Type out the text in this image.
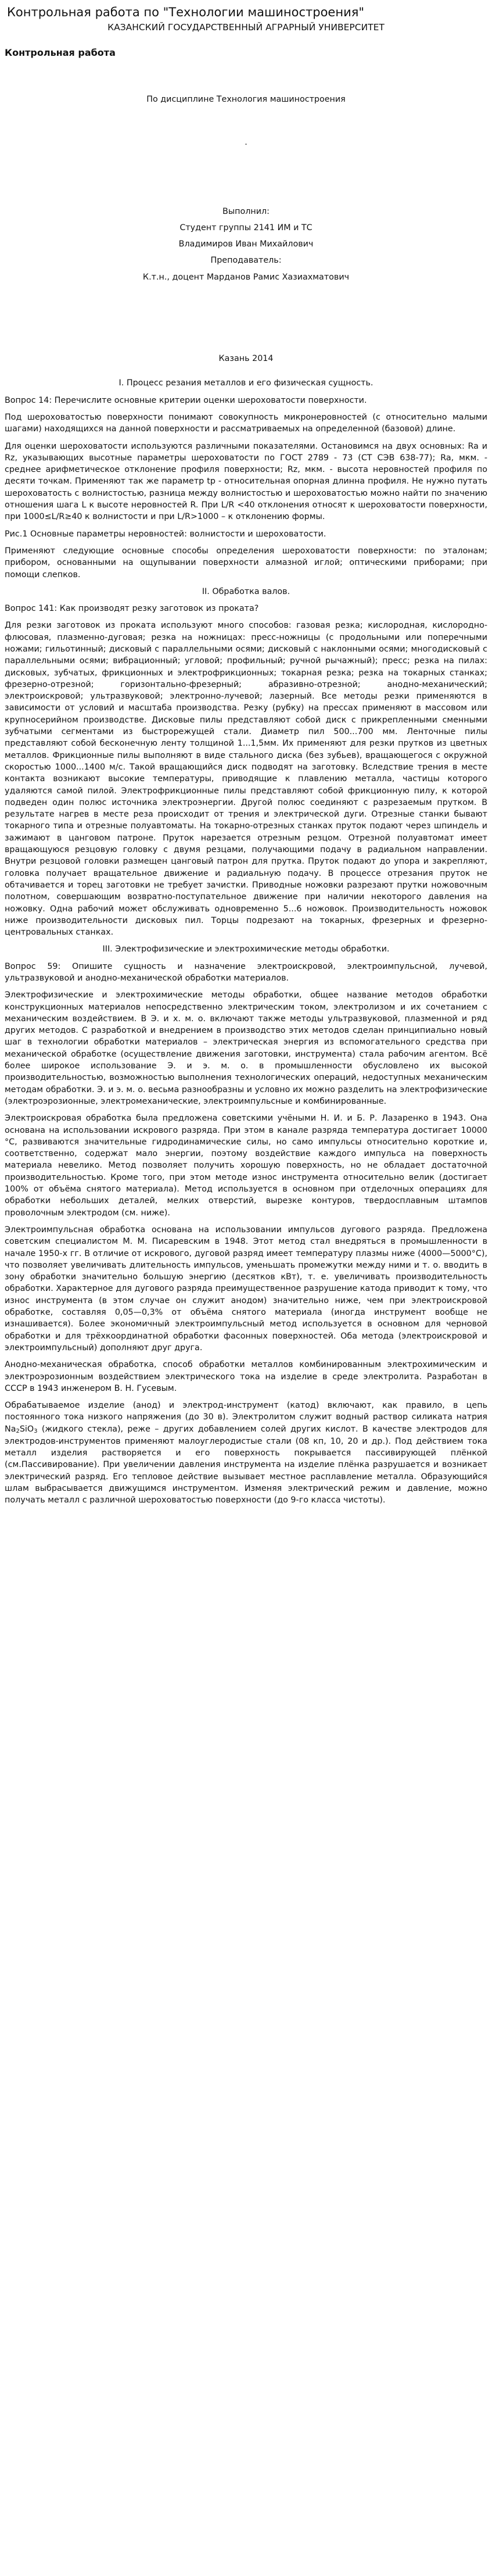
Контрольная работа по "Технологии машиностроения"

КАЗАНСКИЙ ГОСУДАРСТВЕННЫЙ АГРАРНЫЙ УНИВЕРСИТЕТ

Контрольная работа

По дисциплине Технология машиностроения

.

Выполнил:

Студент группы 2141 ИМ и ТС

Владимиров Иван Михайлович

Преподаватель:

К.т.н., доцент Марданов Рамис Хазиахматович

Казань 2014

I. Процесс резания металлов и его физическая сущность.

Вопрос 14: Перечислите основные критерии оценки шероховатости поверхности.

Под шероховатостью поверхности понимают совокупность микронеровностей (с относительно малыми шагами) находящихся на данной поверхности и рассматриваемых на определенной (базовой) длине.

Для оценки шероховатости используются различными показателями. Остановимся на двух основных: Ra и Rz, указывающих высотные параметры шероховатости по ГОСТ 2789 - 73 (СТ СЭВ 638-77); Ra, мкм. - среднее арифметическое отклонение профиля поверхности; Rz, мкм. - высота неровностей профиля по десяти точкам. Применяют так же параметр tp - относительная опорная длинна профиля. Не нужно путать шероховатость с волнистостью, разница между волнистостью и шероховатостью можно найти по значению отношения шага L к высоте неровностей R. При L/R <40 отклонения относят к шероховатости поверхности, при 1000≤L/R≥40 к волнистости и при L/R>1000 – к отклонению формы.

Рис.1 Основные параметры неровностей: волнистости и шероховатости.

Применяют следующие основные способы определения шероховатости поверхности: по эталонам; прибором, основанными на ощупывании поверхности алмазной иглой; оптическими приборами; при помощи слепков.

II. Обработка валов.

Вопрос 141: Как производят резку заготовок из проката?

Для резки заготовок из проката используют много способов: газовая резка; кислородная, кислородно-флюсовая, плазменно-дуговая; резка на ножницах: пресс-ножницы (с продольными или поперечными ножами; гильотинный; дисковый с параллельными осями; дисковый с наклонными осями; многодисковый с параллельными осями; вибрационный; угловой; профильный; ручной рычажный); пресс; резка на пилах: дисковых, зубчатых, фрикционных и электрофрикционных; токарная резка; резка на токарных станках; фрезерно-отрезной; горизонтально-фрезерный; абразивно-отрезной; анодно-механический; электроискровой; ультразвуковой; электронно-лучевой; лазерный. Все методы резки применяются в зависимости от условий и масштаба производства. Резку (рубку) на прессах применяют в массовом или крупносерийном производстве. Дисковые пилы представляют собой диск с прикрепленными сменными зубчатыми сегментами из быстрорежущей стали. Диаметр пил 500...700 мм. Ленточные пилы представляют собой бесконечную ленту толщиной 1...1,5мм. Их применяют для резки прутков из цветных металлов. Фрикционные пилы выполняют в виде стального диска (без зубьев), вращающегося с окружной скоростью 1000...1400 м/с. Такой вращающийся диск подводят на заготовку. Вследствие трения в месте контакта возникают высокие температуры, приводящие к плавлению металла, частицы которого удаляются самой пилой. Электрофрикционные пилы представляют собой фрикционную пилу, к которой подведен один полюс источника электроэнергии. Другой полюс соединяют с разрезаемым прутком. В результате нагрев в месте реза происходит от трения и электрической дуги. Отрезные станки бывают токарного типа и отрезные полуавтоматы. На токарно-отрезных станках пруток подают через шпиндель и зажимают в цанговом патроне. Пруток нарезается отрезным резцом. Отрезной полуавтомат имеет вращающуюся резцовую головку с двумя резцами, получающими подачу в радиальном направлении. Внутри резцовой головки размещен цанговый патрон для прутка. Пруток подают до упора и закрепляют, головка получает вращательное движение и радиальную подачу. В процессе отрезания пруток не обтачивается и торец заготовки не требует зачистки. Приводные ножовки разрезают прутки ножовочным полотном, совершающим возвратно-поступательное движение при наличии некоторого давления на ножовку. Одна рабочий может обслуживать одновременно 5...6 ножовок. Производительность ножовок ниже производительности дисковых пил. Торцы подрезают на токарных, фрезерных и фрезерно-центровальных станках.

III. Электрофизические и электрохимические методы обработки.

Вопрос 59: Опишите сущность и назначение электроискровой, электроимпульсной, лучевой, ультразвуковой и анодно-механической обработки материалов.

Электрофизические и электрохимические методы обработки, общее название методов обработки конструкционных материалов непосредственно электрическим током, электролизом и их сочетанием с механическим воздействием. В Э. и х. м. о. включают также методы ультразвуковой, плазменной и ряд других методов. С разработкой и внедрением в производство этих методов сделан принципиально новый шаг в технологии обработки материалов – электрическая энергия из вспомогательного средства при механической обработке (осуществление движения заготовки, инструмента) стала рабочим агентом. Всё более широкое использование Э. и э. м. о. в промышленности обусловлено их высокой производительностью, возможностью выполнения технологических операций, недоступных механическим методам обработки. Э. и э. м. о. весьма разнообразны и условно их можно разделить на электрофизические (электроэрозионные, электромеханические, электроимпульсные и комбинированные.

Электроискровая обработка была предложена советскими учёными Н. И. и Б. Р. Лазаренко в 1943. Она основана на использовании искрового разряда. При этом в канале разряда температура достигает 10000 °C, развиваются значительные гидродинамические силы, но само импульсы относительно короткие и, соответственно, содержат мало энергии, поэтому воздействие каждого импульса на поверхность материала невелико. Метод позволяет получить хорошую поверхность, но не обладает достаточной производительностью. Кроме того, при этом методе износ инструмента относительно велик (достигает 100% от объёма снятого материала). Метод используется в основном при отделочных операциях для обработки небольших деталей, мелких отверстий, вырезке контуров, твердосплавным штампов проволочным электродом (см. ниже).

Электроимпульсная обработка основана на использовании импульсов дугового разряда. Предложена советским специалистом М. М. Писаревским в 1948. Этот метод стал внедряться в промышленности в начале 1950-х гг. В отличие от искрового, дуговой разряд имеет температуру плазмы ниже (4000—5000°C), что позволяет увеличивать длительность импульсов, уменьшать промежутки между ними и т. о. вводить в зону обработки значительно большую энергию (десятков кВт), т. е. увеличивать производительность обработки. Характерное для дугового разряда преимущественное разрушение катода приводит к тому, что износ инструмента (в этом случае он служит анодом) значительно ниже, чем при электроискровой обработке, составляя 0,05—0,3% от объёма снятого материала (иногда инструмент вообще не изнашивается). Более экономичный электроимпульсный метод используется в основном для черновой обработки и для трёхкоординатной обработки фасонных поверхностей. Оба метода (электроискровой и электроимпульсный) дополняют друг друга.

Анодно-механическая обработка, способ обработки металлов комбинированным электрохимическим и электроэрозионным воздействием электрического тока на изделие в среде электролита. Разработан в СССР в 1943 инженером В. Н. Гусевым.

Обрабатываемое изделие (анод) и электрод-инструмент (катод) включают, как правило, в цепь постоянного тока низкого напряжения (до 30 в). Электролитом служит водный раствор силиката натрия $Na_2SiO_3$ (жидкого стекла), реже – других добавлением солей других кислот. В качестве электродов для электродов-инструментов применяют малоуглеродистые стали (08 кп, 10, 20 и др.). Под действием тока металл изделия растворяется и его поверхность покрывается пассивирующей плёнкой (см.Пассивирование). При увеличении давления инструмента на изделие плёнка разрушается и возникает электрический разряд. Его тепловое действие вызывает местное расплавление металла. Образующийся шлам выбрасывается движущимся инструментом. Изменяя электрический режим и давление, можно получать металл с различной шероховатостью поверхности (до 9-го класса чистоты).
